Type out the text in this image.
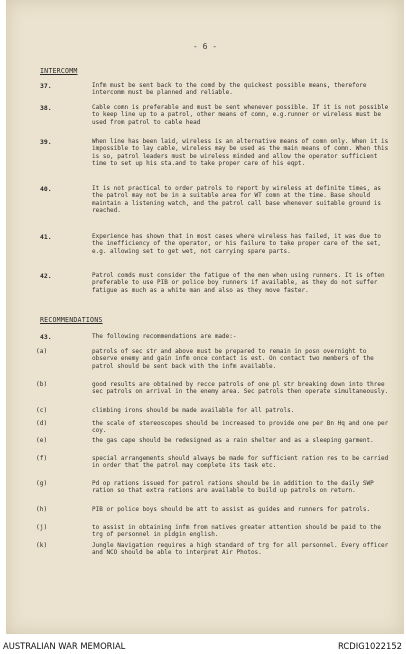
- 6 -
INTERCOMM
37.	Infm must be sent back to the comd by the quickest possible means, therefore intercomm must be planned and reliable.
38.	Cable comn is preferable and must be sent whenever possible. If it is not possible to keep line up to a patrol, other means of comn, e.g.runner or wireless must be used from patrol to cable head
39.	When line has been laid, wireless is an alternative means of comn only. When it is impossible to lay cable, wireless may be used as the main means of comn. When this is so, patrol leaders must be wireless minded and allow the operator sufficient time to set up his sta.and to take proper care of his eqpt.
40.	It is not practical to order patrols to report by wireless at definite times, as the patrol may not be in a suitable area for WT comn at the time. Base should maintain a listening watch, and the patrol call base whenever suitable ground is reached.
41.	Experience has shown that in most cases where wireless has failed, it was due to the inefficiency of the operator, or his failure to take proper care of the set, e.g. allowing set to get wet, not carrying spare parts.
42.	Patrol comds must consider the fatigue of the men when using runners. It is often preferable to use PIB or police boy runners if available, as they do not suffer fatigue as much as a white man and also as they move faster.
RECOMMENDATIONS
43.	The following recommendations are made:-
(a)	patrols of sec str and above must be prepared to remain in posn overnight to observe enemy and gain infm once contact is est. On contact two members of the patrol should be sent back with the infm available.
(b)	good results are obtained by recce patrols of one pl str breaking down into three sec patrols on arrival in the enemy area. Sec patrols then operate simultaneously.
(c)	climbing irons should be made available for all patrols.
(d)	the scale of stereoscopes should be increased to provide one per Bn Hq and one per coy.
(e)	the gas cape should be redesigned as a rain shelter and as a sleeping garment.
(f)	special arrangements should always be made for sufficient ration res to be carried in order that the patrol may complete its task etc.
(g)	Pd op rations issued for patrol rations should be in addition to the daily SWP ration so that extra rations are available to build up patrols on return.
(h)	PIB or police boys should be att to assist as guides and runners for patrols.
(j)	to assist in obtaining infm from natives greater attention should be paid to the trg of personnel in pidgin english.
(k)	Jungle Navigation requires a high standard of trg for all personnel. Every officer and NCO should be able to interpret Air Photos.
AUSTRALIAN WAR MEMORIAL	RCDIG1022152
